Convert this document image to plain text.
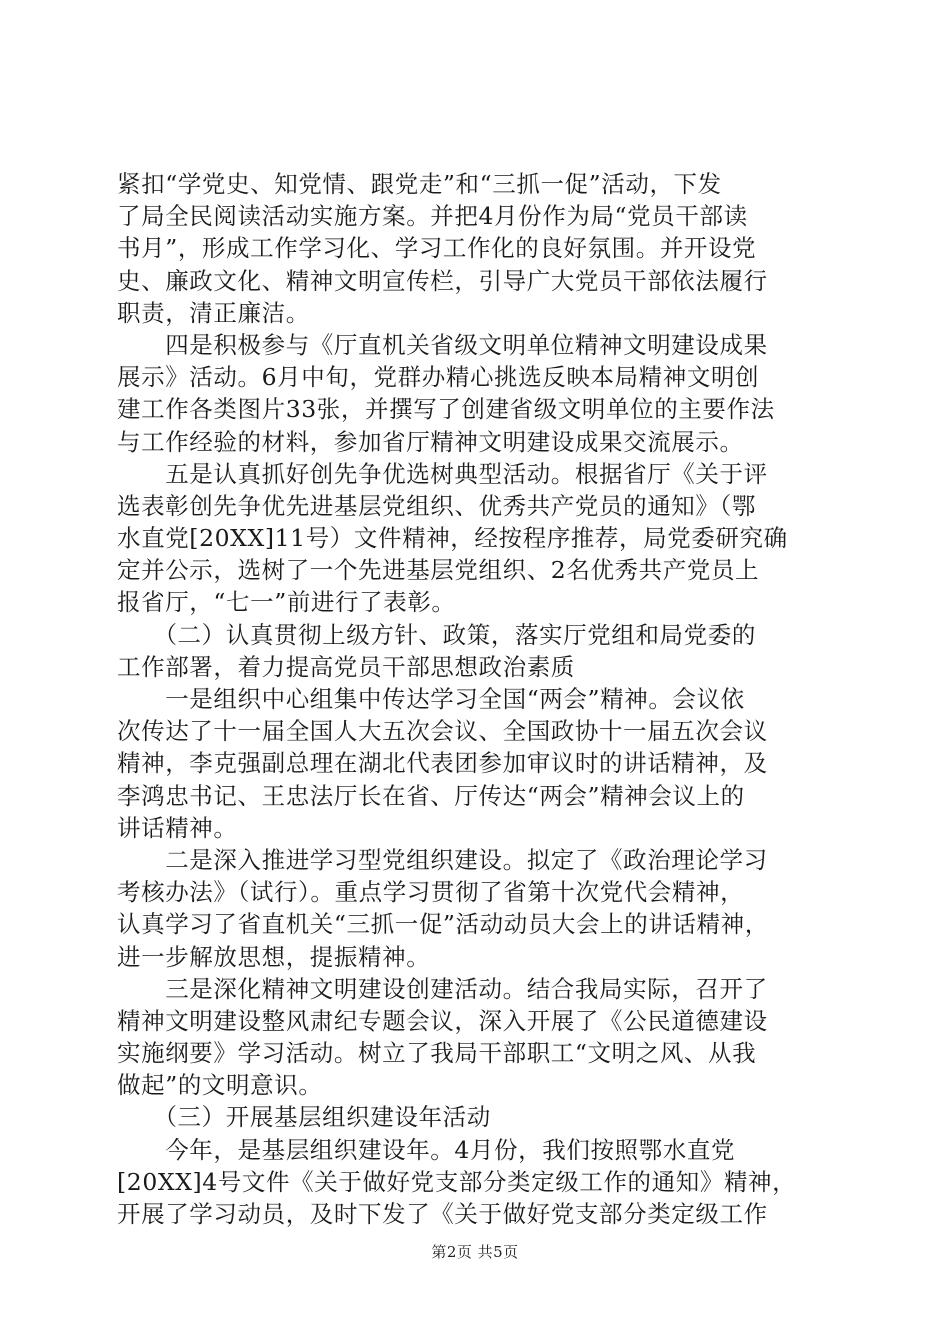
紧扣“学党史、知党情、跟党走”和“三抓一促”活动，下发
了局全民阅读活动实施方案。并把4月份作为局“党员干部读
书月”，形成工作学习化、学习工作化的良好氛围。并开设党
史、廉政文化、精神文明宣传栏，引导广大党员干部依法履行
职责，清正廉洁。
　　四是积极参与《厅直机关省级文明单位精神文明建设成果
展示》活动。6月中旬，党群办精心挑选反映本局精神文明创
建工作各类图片33张，并撰写了创建省级文明单位的主要作法
与工作经验的材料，参加省厅精神文明建设成果交流展示。
　　五是认真抓好创先争优选树典型活动。根据省厅《关于评
选表彰创先争优先进基层党组织、优秀共产党员的通知》（鄂
水直党[20XX]11号）文件精神，经按程序推荐，局党委研究确
定并公示，选树了一个先进基层党组织、2名优秀共产党员上
报省厅，“七一”前进行了表彰。
　　（二）认真贯彻上级方针、政策，落实厅党组和局党委的
工作部署，着力提高党员干部思想政治素质
　　一是组织中心组集中传达学习全国“两会”精神。会议依
次传达了十一届全国人大五次会议、全国政协十一届五次会议
精神，李克强副总理在湖北代表团参加审议时的讲话精神，及
李鸿忠书记、王忠法厅长在省、厅传达“两会”精神会议上的
讲话精神。
　　二是深入推进学习型党组织建设。拟定了《政治理论学习
考核办法》（试行）。重点学习贯彻了省第十次党代会精神，
认真学习了省直机关“三抓一促”活动动员大会上的讲话精神，
进一步解放思想，提振精神。
　　三是深化精神文明建设创建活动。结合我局实际，召开了
精神文明建设整风肃纪专题会议，深入开展了《公民道德建设
实施纲要》学习活动。树立了我局干部职工“文明之风、从我
做起”的文明意识。
　　（三）开展基层组织建设年活动
　　今年，是基层组织建设年。4月份，我们按照鄂水直党
[20XX]4号文件《关于做好党支部分类定级工作的通知》精神，
开展了学习动员，及时下发了《关于做好党支部分类定级工作
第2页 共5页
